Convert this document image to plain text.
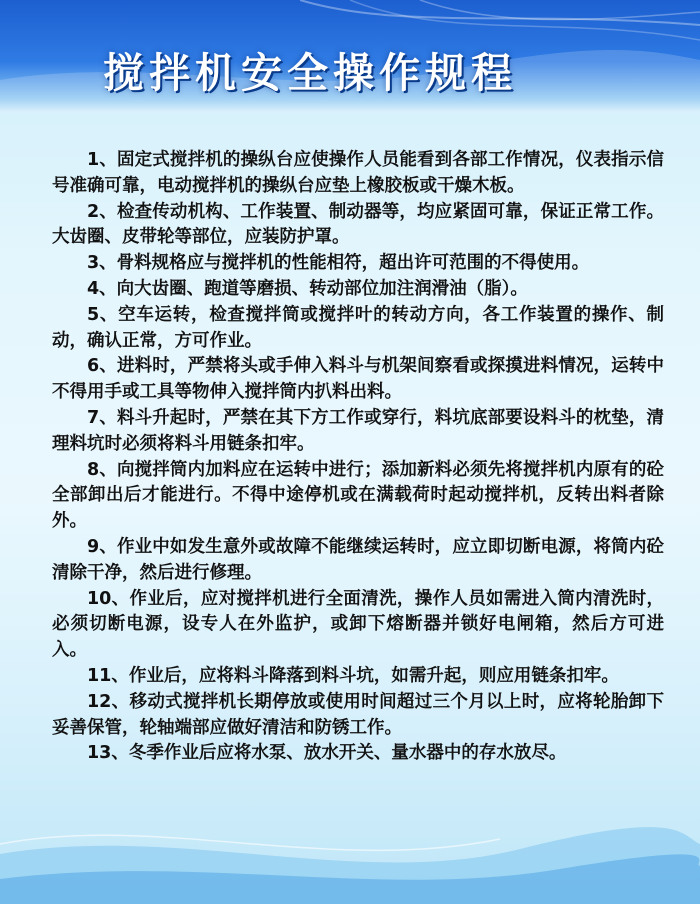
搅拌机安全操作规程
1、固定式搅拌机的操纵台应使操作人员能看到各部工作情况，仪表指示信号准确可靠，电动搅拌机的操纵台应垫上橡胶板或干燥木板。
2、检查传动机构、工作装置、制动器等，均应紧固可靠，保证正常工作。大齿圈、皮带轮等部位，应装防护罩。
3、骨料规格应与搅拌机的性能相符，超出许可范围的不得使用。
4、向大齿圈、跑道等磨损、转动部位加注润滑油（脂）。
5、空车运转，检查搅拌筒或搅拌叶的转动方向，各工作装置的操作、制动，确认正常，方可作业。
6、进料时，严禁将头或手伸入料斗与机架间察看或探摸进料情况，运转中不得用手或工具等物伸入搅拌筒内扒料出料。
7、料斗升起时，严禁在其下方工作或穿行，料坑底部要设料斗的枕垫，清理料坑时必须将料斗用链条扣牢。
8、向搅拌筒内加料应在运转中进行；添加新料必须先将搅拌机内原有的砼全部卸出后才能进行。不得中途停机或在满载荷时起动搅拌机，反转出料者除外。
9、作业中如发生意外或故障不能继续运转时，应立即切断电源，将筒内砼清除干净，然后进行修理。
10、作业后，应对搅拌机进行全面清洗，操作人员如需进入筒内清洗时，必须切断电源，设专人在外监护，或卸下熔断器并锁好电闸箱，然后方可进入。
11、作业后，应将料斗降落到料斗坑，如需升起，则应用链条扣牢。
12、移动式搅拌机长期停放或使用时间超过三个月以上时，应将轮胎卸下妥善保管，轮轴端部应做好清洁和防锈工作。
13、冬季作业后应将水泵、放水开关、量水器中的存水放尽。
